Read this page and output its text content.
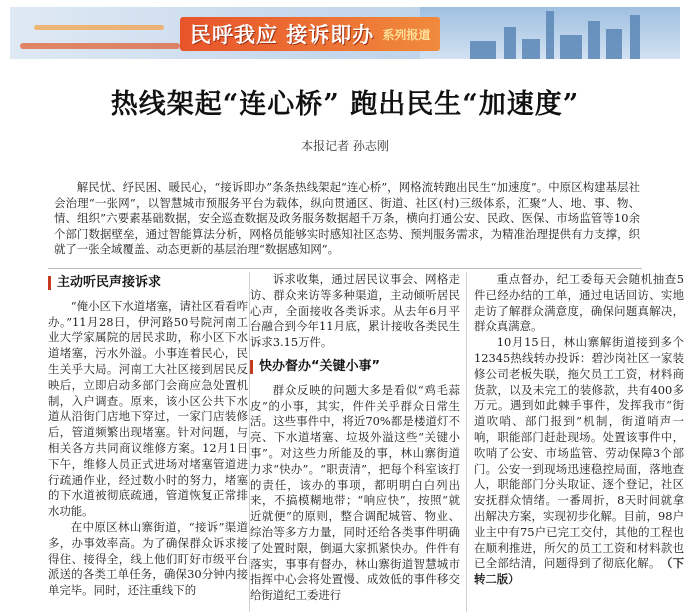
民呼我应 接诉即办 系列报道
热线架起“连心桥” 跑出民生“加速度”
本报记者 孙志刚
解民忧、纾民困、暖民心，“接诉即办”条条热线架起“连心桥”，网格流转跑出民生“加速度”。中原区构建基层社会治理“一张网”，以智慧城市预服务平台为载体，纵向贯通区、街道、社区(村)三级体系，汇聚“人、地、事、物、情、组织”六要素基础数据，安全巡查数据及政务服务数据超千万条，横向打通公安、民政、医保、市场监管等10余个部门数据壁垒，通过智能算法分析，网格员能够实时感知社区态势、预判服务需求，为精准治理提供有力支撑，织就了一张全域覆盖、动态更新的基层治理“数据感知网”。
主动听民声接诉求

“俺小区下水道堵塞，请社区看看咋办。”11月28日，伊河路50号院河南工业大学家属院的居民求助，称小区下水道堵塞，污水外溢。小事连着民心，民生关乎大局。河南工大社区接到居民反映后，立即启动多部门会商应急处置机制，入户调查。原来，该小区公共下水道从沿街门店地下穿过，一家门店装修后，管道频繁出现堵塞。针对问题，与相关各方共同商议维修方案。12月1日下午，维修人员正式进场对堵塞管道进行疏通作业，经过数小时的努力，堵塞的下水道被彻底疏通，管道恢复正常排水功能。

在中原区林山寨街道，“接诉”渠道多，办事效率高。为了确保群众诉求接得住、接得全，线上他们盯好市级平台派送的各类工单任务，确保30分钟内接单完毕。同时，还注重线下的

诉求收集，通过居民议事会、网格走访、群众来访等多种渠道，主动倾听居民心声，全面接收各类诉求。从去年6月平台融合到今年11月底，累计接收各类民生诉求3.15万件。

快办督办“关键小事”

群众反映的问题大多是看似“鸡毛蒜皮”的小事，其实，件件关乎群众日常生活。这些事件中，将近70%都是楼道灯不亮、下水道堵塞、垃圾外溢这些“关键小事”。对这些力所能及的事，林山寨街道力求“快办”。“职责清”，把每个科室该打的责任，该办的事项，都明明白白列出来，不搞模糊地带；“响应快”，按照“就近就便”的原则，整合调配城管、物业、综治等多方力量，同时还给各类事件明确了处置时限，倒逼大家抓紧快办。件件有落实，事事有督办，林山寨街道智慧城市指挥中心会将处置慢、成效低的事件移交给街道纪工委进行

重点督办，纪工委每天会随机抽查5件已经办结的工单，通过电话回访、实地走访了解群众满意度，确保问题真解决，群众真满意。

10月15日，林山寨解街道接到多个12345热线转办投诉：碧沙岗社区一家装修公司老板失联，拖欠员工工资，材料商货款，以及未完工的装修款，共有400多万元。遇到如此棘手事件，发挥我市“街道吹哨、部门报到”机制，街道哨声一响，职能部门赶赴现场。处置该事件中，吹哨了公安、市场监管、劳动保障3个部门。公安一到现场迅速稳控局面，落地查人，职能部门分头取证、逐个登记，社区安抚群众情绪。一番周折，8天时间就拿出解决方案，实现初步化解。目前，98户业主中有75户已完工交付，其他的工程也在顺利推进，所欠的员工工资和材料款也已全部结清，问题得到了彻底化解。 （下转二版）
